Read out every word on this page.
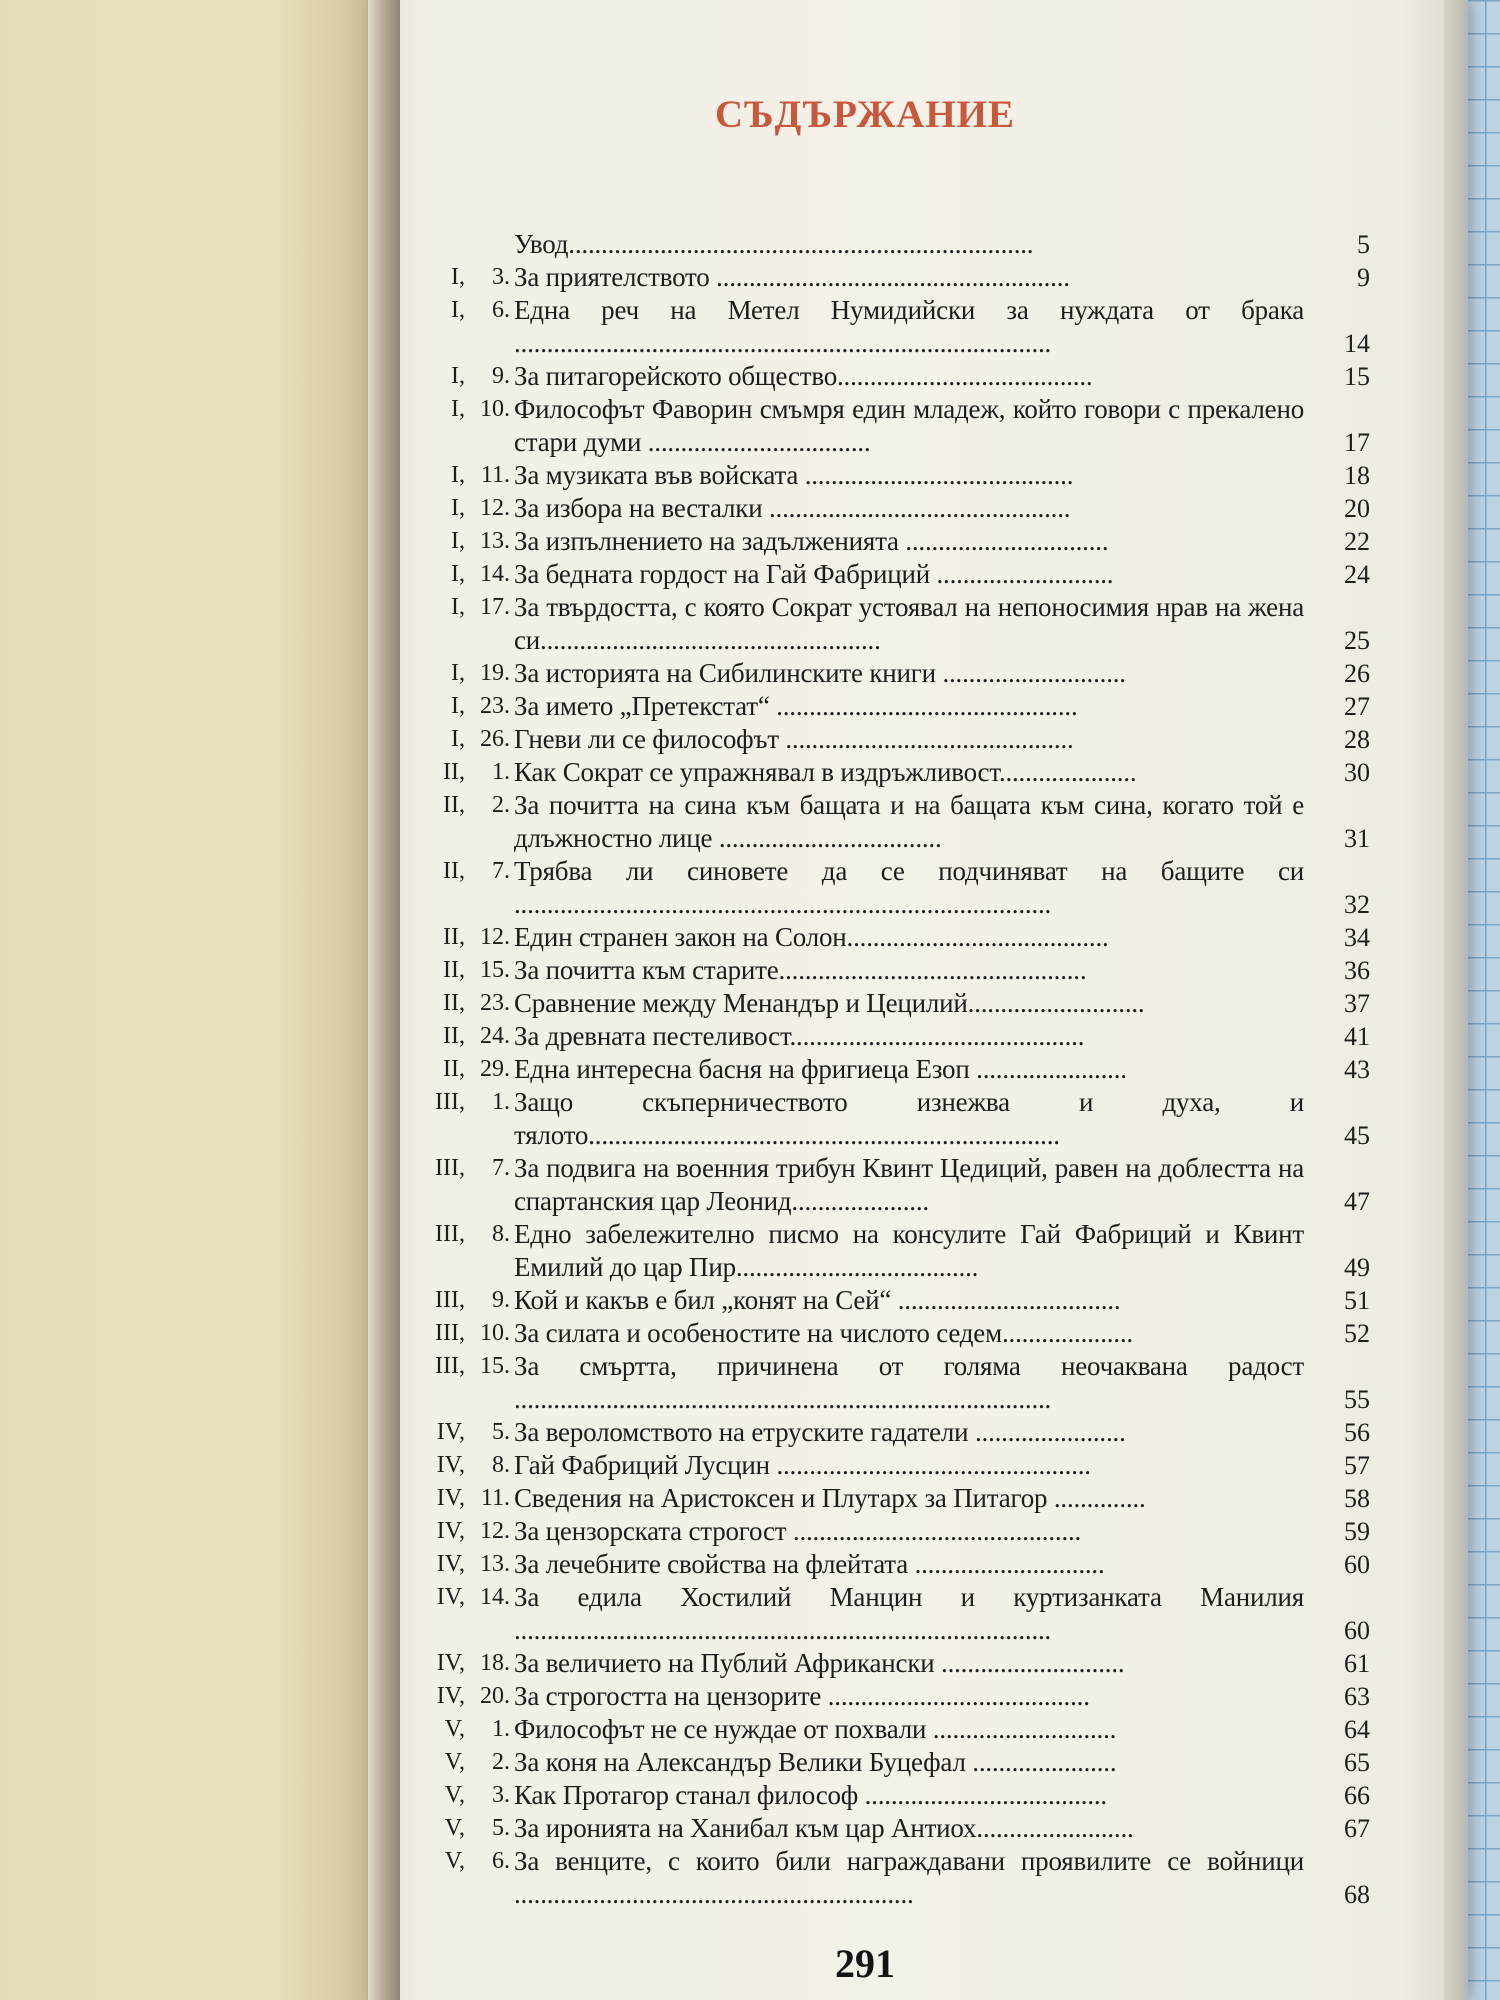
СЪДЪРЖАНИЕ
Увод.......................................................................	5
I, 3. За приятелството ......................................................	9
I, 6. Една реч на Метел Нумидийски за нуждата от брака ..................................................................................	14
I, 9. За питагорейското общество.......................................	15
I, 10. Философът Фаворин смъмря един младеж, който говори с прекалено стари думи ..................................	17
I, 11. За музиката във войската .........................................	18
I, 12. За избора на весталки ..............................................	20
I, 13. За изпълнението на задълженията ...............................	22
I, 14. За бедната гордост на Гай Фабриций ...........................	24
I, 17. За твърдостта, с която Сократ устоявал на непоносимия нрав на жена си....................................................	25
I, 19. За историята на Сибилинските книги ............................	26
I, 23. За името „Претекстат“ ..............................................	27
I, 26. Гневи ли се философът ............................................	28
II, 1. Как Сократ се упражнявал в издръжливост.....................	30
II, 2. За почитта на сина към бащата и на бащата към сина, когато той е длъжностно лице ..................................	31
II, 7. Трябва ли синовете да се подчиняват на бащите си ..................................................................................	32
II, 12. Един странен закон на Солон........................................	34
II, 15. За почитта към старите...............................................	36
II, 23. Сравнение между Менандър и Цецилий...........................	37
II, 24. За древната пестеливост.............................................	41
II, 29. Една интересна басня на фригиеца Езоп .......................	43
III, 1. Защо скъперничеството изнежва и духа, и тялото........................................................................	45
III, 7. За подвига на военния трибун Квинт Цедиций, равен на доблестта на спартанския цар Леонид.....................	47
III, 8. Едно забележително писмо на консулите Гай Фабриций и Квинт Емилий до цар Пир.....................................	49
III, 9. Кой и какъв е бил „конят на Сей“ ..................................	51
III, 10. За силата и особеностите на числото седем....................	52
III, 15. За смъртта, причинена от голяма неочаквана радост ..................................................................................	55
IV, 5. За вероломството на етруските гадатели .......................	56
IV, 8. Гай Фабриций Лусцин ................................................	57
IV, 11. Сведения на Аристоксен и Плутарх за Питагор ..............	58
IV, 12. За цензорската строгост ............................................	59
IV, 13. За лечебните свойства на флейтата .............................	60
IV, 14. За едила Хостилий Манцин и куртизанката Манилия ..................................................................................	60
IV, 18. За величието на Публий Африкански ............................	61
IV, 20. За строгостта на цензорите ........................................	63
V, 1. Философът не се нуждае от похвали ............................	64
V, 2. За коня на Александър Велики Буцефал ......................	65
V, 3. Как Протагор станал философ .....................................	66
V, 5. За иронията на Ханибал към цар Антиох........................	67
V, 6. За венците, с които били награждавани проявилите се войници .............................................................	68
291
